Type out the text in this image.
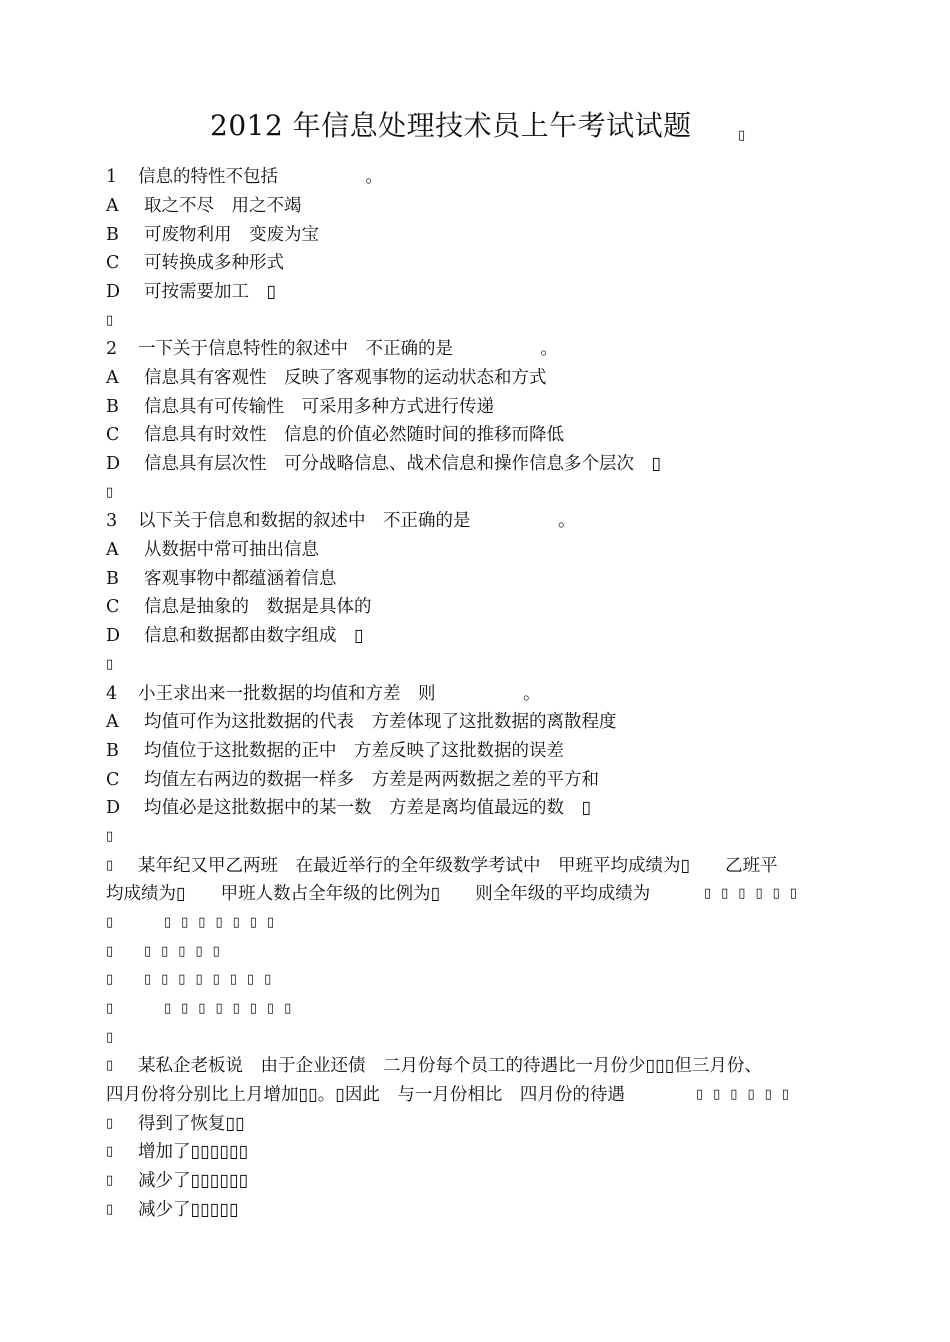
2012 年信息处理技术员上午考试试题	▯
1 信息的特性不包括　　　　　。
A 取之不尽　用之不竭
B 可废物利用　变废为宝
C 可转换成多种形式
D 可按需要加工　▯
▯
2 一下关于信息特性的叙述中　不正确的是　　　　　。
A 信息具有客观性　反映了客观事物的运动状态和方式
B 信息具有可传输性　可采用多种方式进行传递
C 信息具有时效性　信息的价值必然随时间的推移而降低
D 信息具有层次性　可分战略信息、战术信息和操作信息多个层次　▯
▯
3 以下关于信息和数据的叙述中　不正确的是　　　　　。
A 从数据中常可抽出信息
B 客观事物中都蕴涵着信息
C 信息是抽象的　数据是具体的
D 信息和数据都由数字组成　▯
▯
4 小王求出来一批数据的均值和方差　则　　　　　。
A 均值可作为这批数据的代表　方差体现了这批数据的离散程度
B 均值位于这批数据的正中　方差反映了这批数据的误差
C 均值左右两边的数据一样多　方差是两两数据之差的平方和
D 均值必是这批数据中的某一数　方差是离均值最远的数　▯
▯
▯ 某年纪又甲乙两班　在最近举行的全年级数学考试中　甲班平均成绩为▯　　乙班平
均成绩为▯　　甲班人数占全年级的比例为▯　　则全年级的平均成绩为	▯▯▯▯▯▯
▯	▯▯▯▯▯▯▯
▯ ▯▯▯▯▯
▯ ▯▯▯▯▯▯▯▯
▯	▯▯▯▯▯▯▯▯
▯
▯ 某私企老板说　由于企业还债　二月份每个员工的待遇比一月份少▯▯▯但三月份、
四月份将分别比上月增加▯▯。▯因此　与一月份相比　四月份的待遇	▯▯▯▯▯▯
▯ 得到了恢复▯▯
▯ 增加了▯▯▯▯▯▯
▯ 减少了▯▯▯▯▯▯
▯ 减少了▯▯▯▯▯
